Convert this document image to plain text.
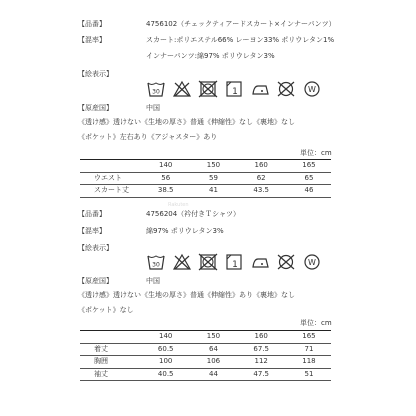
【品番】	4756102（チェックティアードスカート×インナーパンツ）
【混率】	スカート:ポリエステル66% レーヨン33% ポリウレタン1%
インナーパンツ:綿97% ポリウレタン3%
【絵表示】
30	1	W
【原産国】	中国
《透け感》透けない《生地の厚さ》普通《伸縮性》なし《裏地》なし
《ポケット》左右あり《アジャスター》あり
単位：cm
	140	150	160	165
ウエスト	56	59	62	65
スカート丈	38.5	41	43.5	46
Rakuten
【品番】	4756204（衿付きＴシャツ）
【混率】	綿97% ポリウレタン3%
【絵表示】
30	1	W
【原産国】	中国
《透け感》透けない《生地の厚さ》普通《伸縮性》あり《裏地》なし
《ポケット》なし
単位：cm
	140	150	160	165
着丈	60.5	64	67.5	71
胸囲	100	106	112	118
袖丈	40.5	44	47.5	51
